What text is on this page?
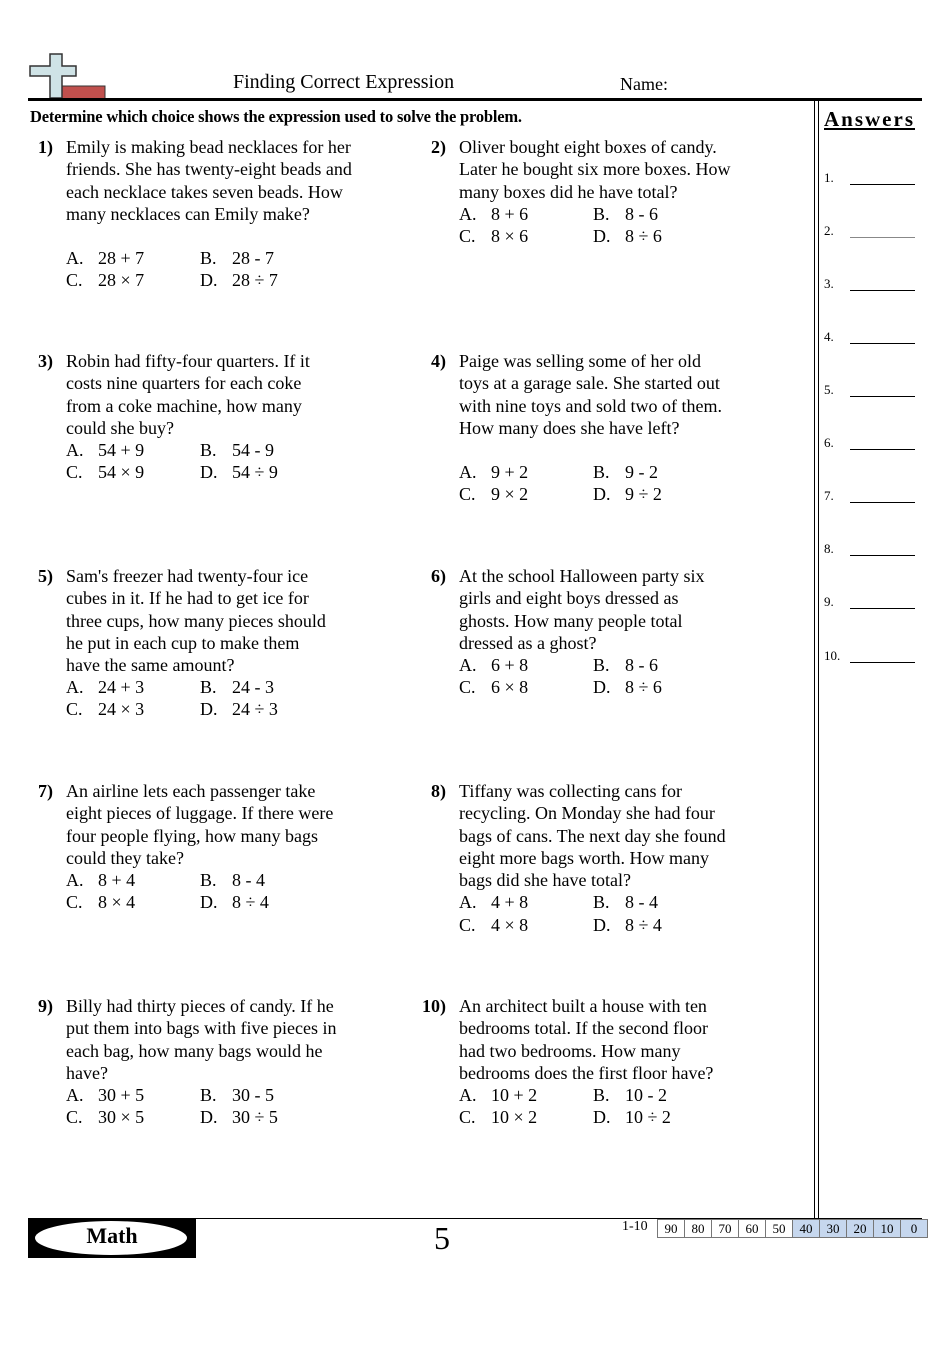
Finding Correct Expression	Name:
Determine which choice shows the expression used to solve the problem.	Answers
1.
2.
3.
4.
5.
6.
7.
8.
9.
10.
1) Emily is making bead necklaces for her friends. She has twenty-eight beads and each necklace takes seven beads. How many necklaces can Emily make?
A. 28 + 7	B. 28 - 7
C. 28 × 7	D. 28 ÷ 7
2) Oliver bought eight boxes of candy. Later he bought six more boxes. How many boxes did he have total?
A. 8 + 6	B. 8 - 6
C. 8 × 6	D. 8 ÷ 6
3) Robin had fifty-four quarters. If it costs nine quarters for each coke from a coke machine, how many could she buy?
A. 54 + 9	B. 54 - 9
C. 54 × 9	D. 54 ÷ 9
4) Paige was selling some of her old toys at a garage sale. She started out with nine toys and sold two of them. How many does she have left?
A. 9 + 2	B. 9 - 2
C. 9 × 2	D. 9 ÷ 2
5) Sam's freezer had twenty-four ice cubes in it. If he had to get ice for three cups, how many pieces should he put in each cup to make them have the same amount?
A. 24 + 3	B. 24 - 3
C. 24 × 3	D. 24 ÷ 3
6) At the school Halloween party six girls and eight boys dressed as ghosts. How many people total dressed as a ghost?
A. 6 + 8	B. 8 - 6
C. 6 × 8	D. 8 ÷ 6
7) An airline lets each passenger take eight pieces of luggage. If there were four people flying, how many bags could they take?
A. 8 + 4	B. 8 - 4
C. 8 × 4	D. 8 ÷ 4
8) Tiffany was collecting cans for recycling. On Monday she had four bags of cans. The next day she found eight more bags worth. How many bags did she have total?
A. 4 + 8	B. 8 - 4
C. 4 × 8	D. 8 ÷ 4
9) Billy had thirty pieces of candy. If he put them into bags with five pieces in each bag, how many bags would he have?
A. 30 + 5	B. 30 - 5
C. 30 × 5	D. 30 ÷ 5
10) An architect built a house with ten bedrooms total. If the second floor had two bedrooms. How many bedrooms does the first floor have?
A. 10 + 2	B. 10 - 2
C. 10 × 2	D. 10 ÷ 2
Math	5	1-10	90	80	70	60	50	40	30	20	10	0
